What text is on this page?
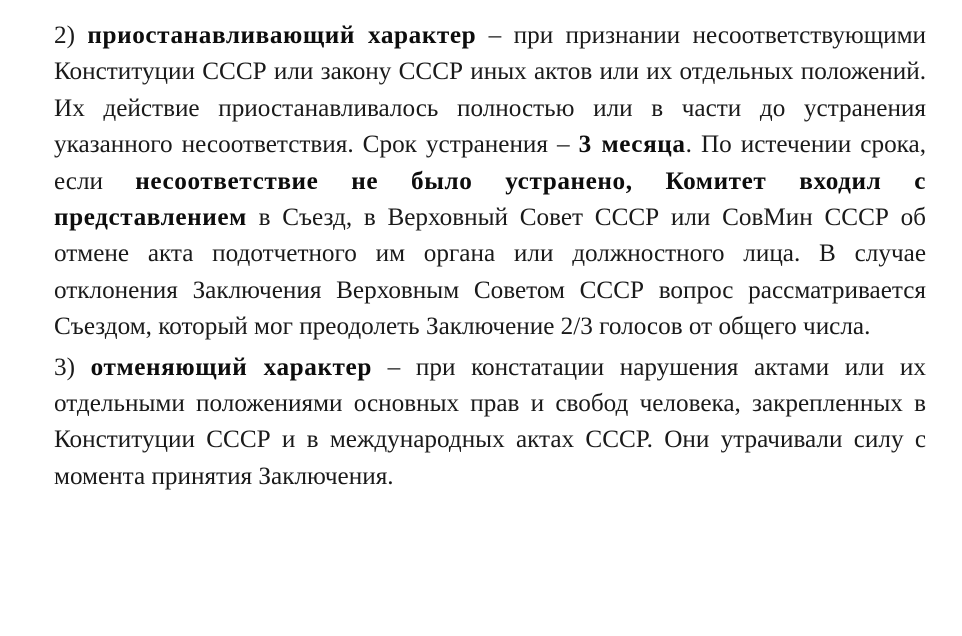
2) приостанавливающий характер – при признании несоответствующими Конституции СССР или закону СССР иных актов или их отдельных положений. Их действие приостанавливалось полностью или в части до устранения указанного несоответствия. Срок устранения – 3 месяца. По истечении срока, если несоответствие не было устранено, Комитет входил с представлением в Съезд, в Верховный Совет СССР или СовМин СССР об отмене акта подотчетного им органа или должностного лица. В случае отклонения Заключения Верховным Советом СССР вопрос рассматривается Съездом, который мог преодолеть Заключение 2/3 голосов от общего числа.

3) отменяющий характер – при констатации нарушения актами или их отдельными положениями основных прав и свобод человека, закрепленных в Конституции СССР и в международных актах СССР. Они утрачивали силу с момента принятия Заключения.
